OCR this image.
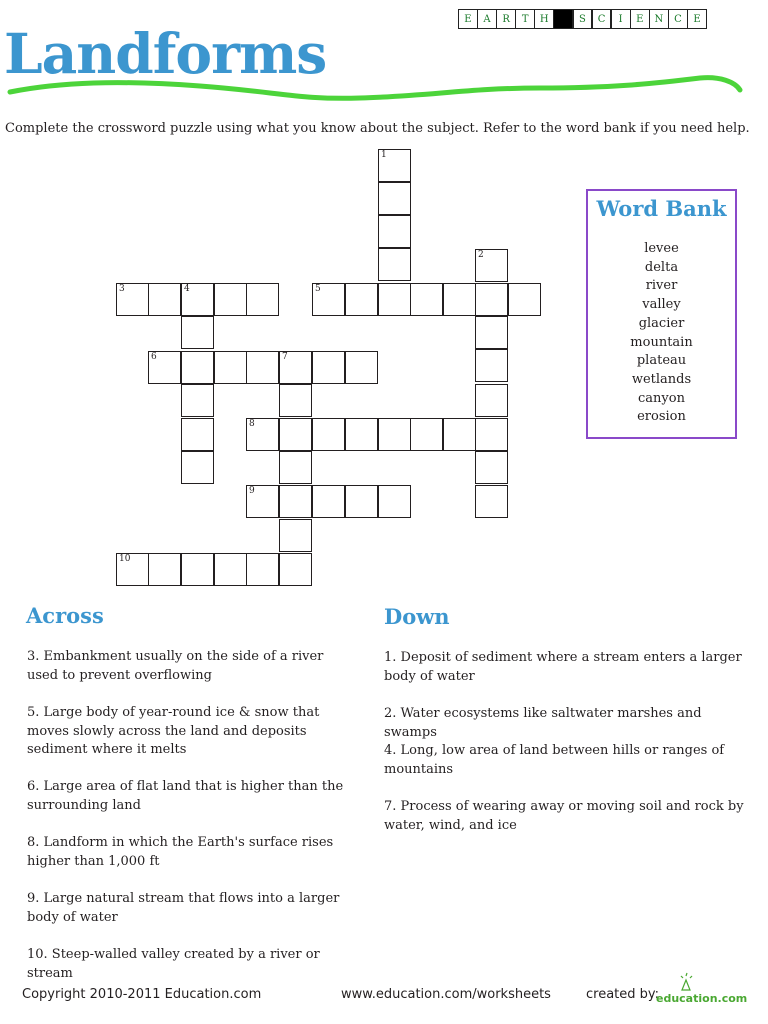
E	A	R	T	H	S	C	I	E	N	C	E
Landforms
Complete the crossword puzzle using what you know about the subject. Refer to the word bank if you need help.
1
2
3	4	5
6	7
8
9
10
Word Bank
levee
delta
river
valley
glacier
mountain
plateau
wetlands
canyon
erosion
Across
3. Embankment usually on the side of a river used to prevent overflowing
5. Large body of year-round ice & snow that moves slowly across the land and deposits sediment where it melts
6. Large area of flat land that is higher than the surrounding land
8. Landform in which the Earth's surface rises higher than 1,000 ft
9. Large natural stream that flows into a larger body of water
10. Steep-walled valley created by a river or stream
Down
1. Deposit of sediment where a stream enters a larger body of water
2. Water ecosystems like saltwater marshes and swamps
4. Long, low area of land between hills or ranges of mountains
7. Process of wearing away or moving soil and rock by water, wind, and ice
Copyright 2010-2011 Education.com	www.education.com/worksheets	created by:
education.com
